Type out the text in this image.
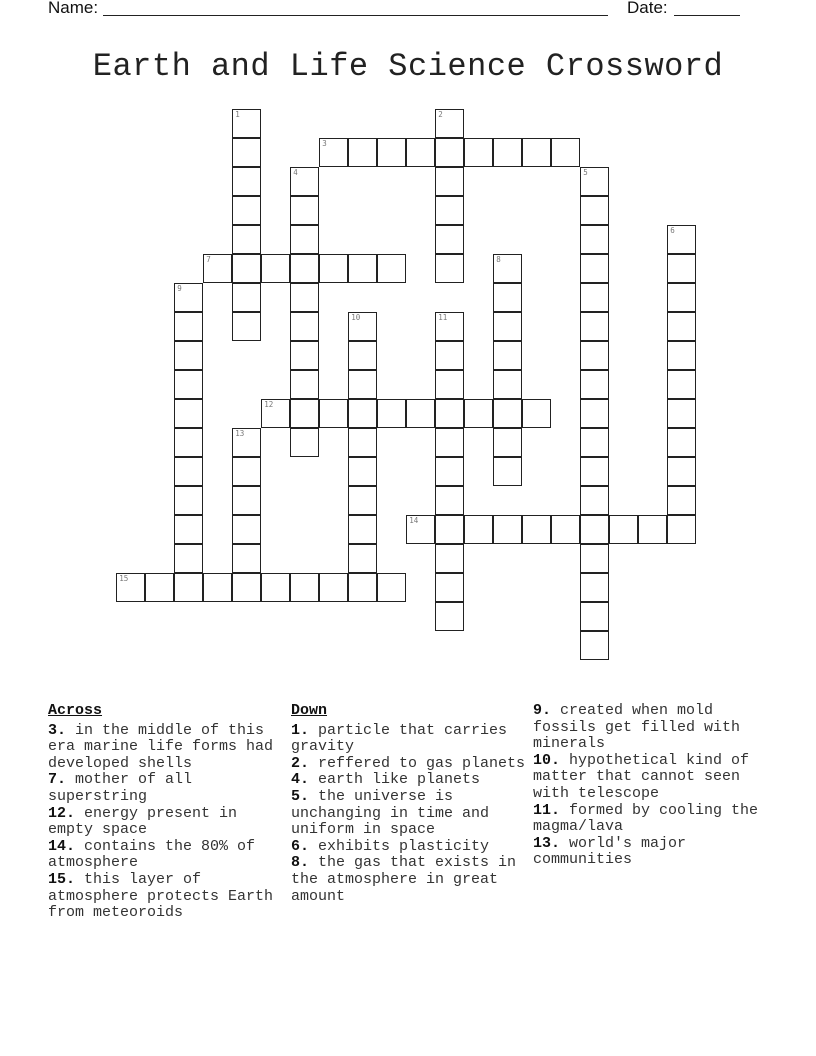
Name:	Date:
Earth and Life Science Crossword
1	2
3
4	5
6
7	8
9
10	11
12
13
14
15
Across
3. in the middle of this era marine life forms had developed shells
7. mother of all superstring
12. energy present in empty space
14. contains the 80% of atmosphere
15. this layer of atmosphere protects Earth from meteoroids
Down
1. particle that carries gravity
2. reffered to gas planets
4. earth like planets
5. the universe is unchanging in time and uniform in space
6. exhibits plasticity
8. the gas that exists in the atmosphere in great amount
9. created when mold fossils get filled with minerals
10. hypothetical kind of matter that cannot seen with telescope
11. formed by cooling the magma/lava
13. world's major communities
